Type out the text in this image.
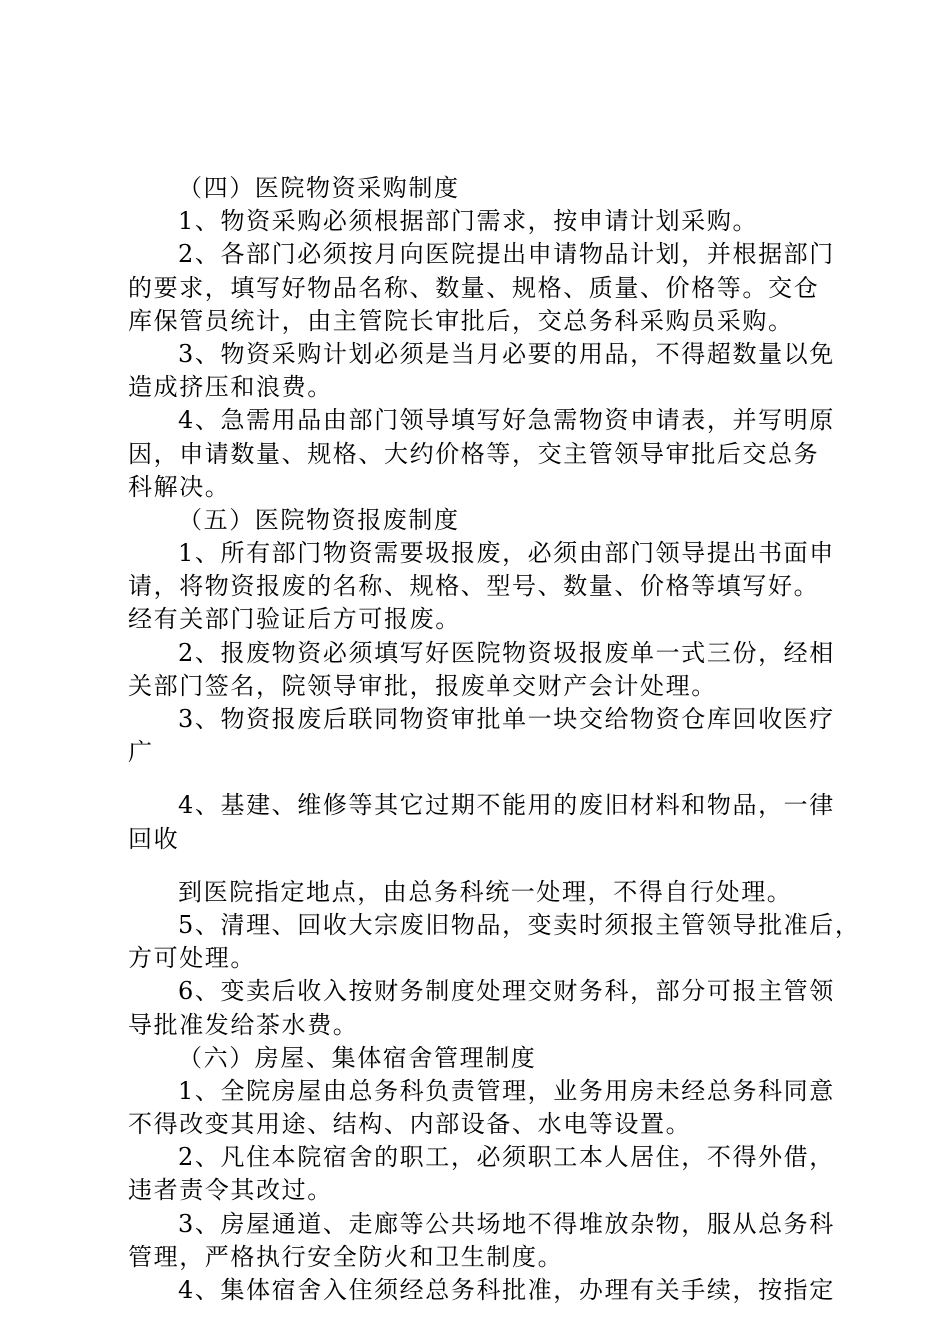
（四）医院物资采购制度
1、物资采购必须根据部门需求，按申请计划采购。
2、各部门必须按月向医院提出申请物品计划，并根据部门
的要求，填写好物品名称、数量、规格、质量、价格等。交仓
库保管员统计，由主管院长审批后，交总务科采购员采购。
3、物资采购计划必须是当月必要的用品，不得超数量以免
造成挤压和浪费。
4、急需用品由部门领导填写好急需物资申请表，并写明原
因，申请数量、规格、大约价格等，交主管领导审批后交总务
科解决。
（五）医院物资报废制度
1、所有部门物资需要圾报废，必须由部门领导提出书面申
请，将物资报废的名称、规格、型号、数量、价格等填写好。
经有关部门验证后方可报废。
2、报废物资必须填写好医院物资圾报废单一式三份，经相
关部门签名，院领导审批，报废单交财产会计处理。
3、物资报废后联同物资审批单一块交给物资仓库回收医疗
广
4、基建、维修等其它过期不能用的废旧材料和物品，一律
回收
到医院指定地点，由总务科统一处理，不得自行处理。
5、清理、回收大宗废旧物品，变卖时须报主管领导批准后，
方可处理。
6、变卖后收入按财务制度处理交财务科，部分可报主管领
导批准发给茶水费。
（六）房屋、集体宿舍管理制度
1、全院房屋由总务科负责管理，业务用房未经总务科同意
不得改变其用途、结构、内部设备、水电等设置。
2、凡住本院宿舍的职工，必须职工本人居住，不得外借，
违者责令其改过。
3、房屋通道、走廊等公共场地不得堆放杂物，服从总务科
管理，严格执行安全防火和卫生制度。
4、集体宿舍入住须经总务科批准，办理有关手续，按指定
